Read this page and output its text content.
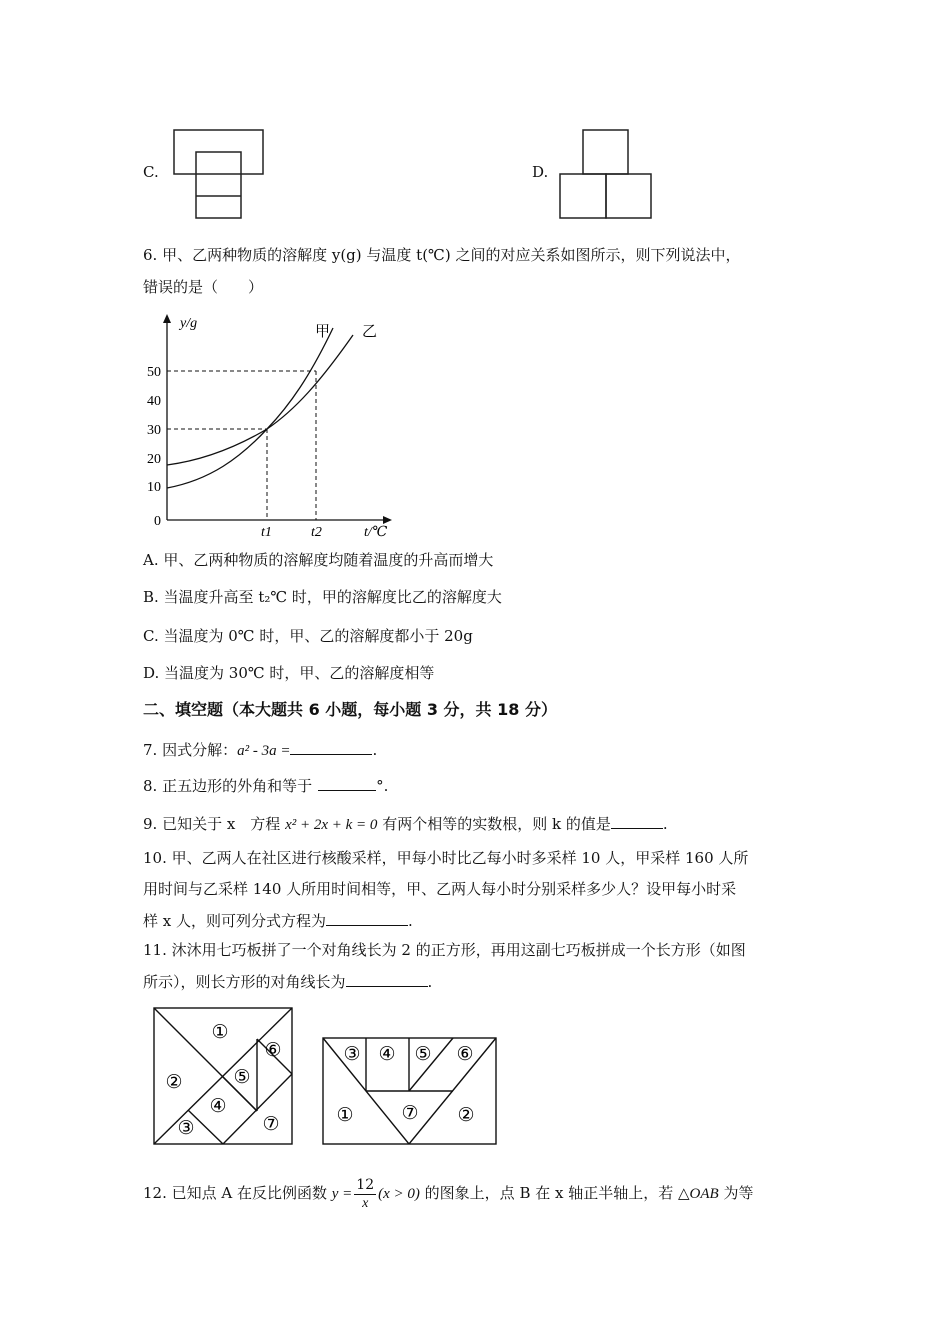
C.	D.
6. 甲、乙两种物质的溶解度 y(g) 与温度 t(℃) 之间的对应关系如图所示，则下列说法中，
错误的是（　　）
y/g
t/℃
50
40
30
20
10
0
甲 乙
t1	t2
A. 甲、乙两种物质的溶解度均随着温度的升高而增大
B. 当温度升高至 t₂℃ 时，甲的溶解度比乙的溶解度大
C. 当温度为 0℃ 时，甲、乙的溶解度都小于 20g
D. 当温度为 30℃ 时，甲、乙的溶解度相等
二、填空题（本大题共 6 小题，每小题 3 分，共 18 分）
7. 因式分解：a² - 3a =	.
8. 正五边形的外角和等于	°.
9. 已知关于 x　方程 x² + 2x + k = 0 有两个相等的实数根，则 k 的值是	.
10. 甲、乙两人在社区进行核酸采样，甲每小时比乙每小时多采样 10 人，甲采样 160 人所
用时间与乙采样 140 人所用时间相等，甲、乙两人每小时分别采样多少人？设甲每小时采
样 x 人，则可列分式方程为	.
11. 沐沐用七巧板拼了一个对角线长为 2 的正方形，再用这副七巧板拼成一个长方形（如图
所示），则长方形的对角线长为	.
①
②
③
④
⑤
⑥
⑦
③ ④ ⑤ ⑥
①	⑦ ②
12. 已知点 A 在反比例函数 $y = \frac{12}{x} (x > 0)$ 的图象上，点 B 在 x 轴正半轴上，若 △OAB 为等
